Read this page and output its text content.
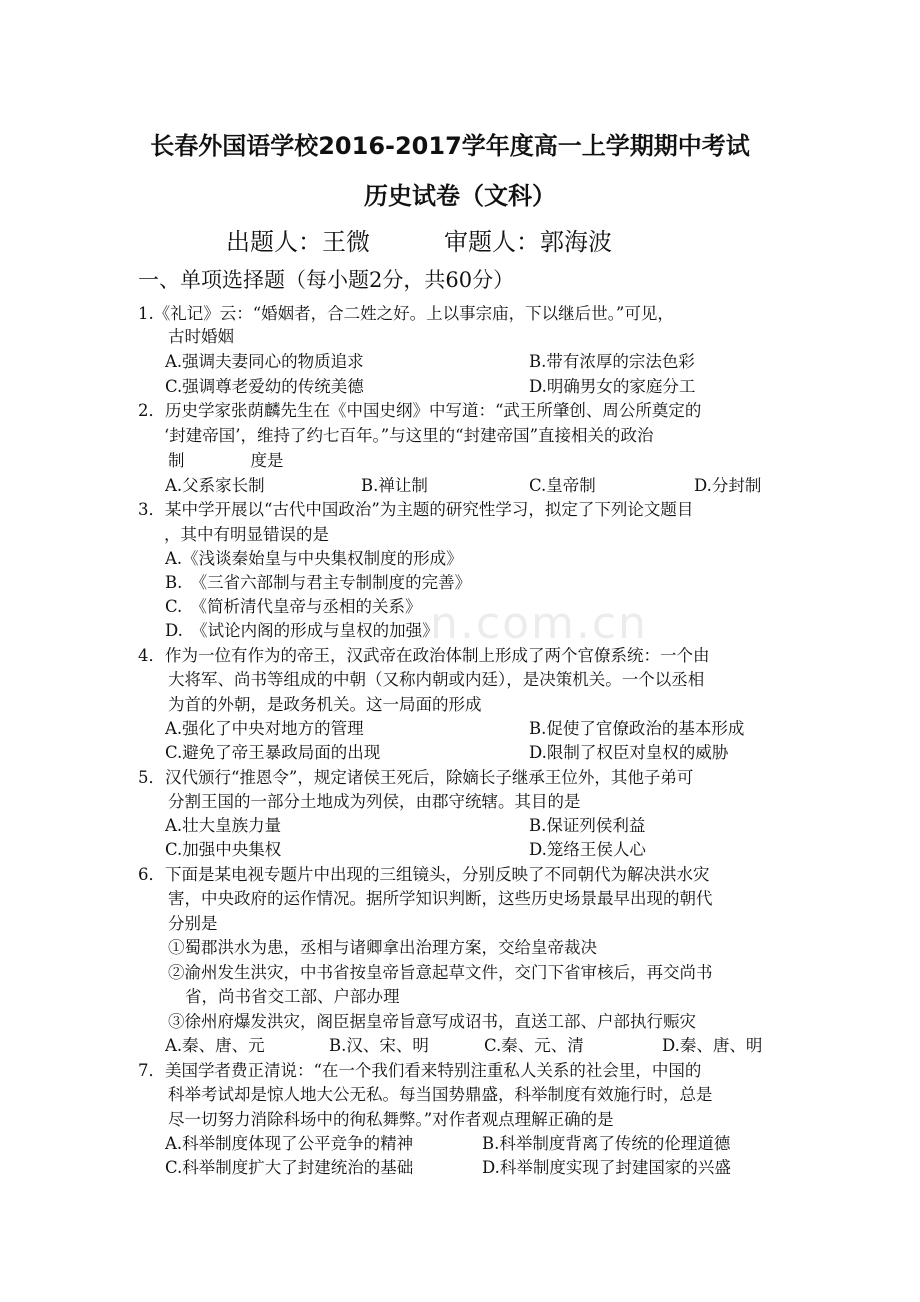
n.com.cn
长春外国语学校2016-2017学年度高一上学期期中考试
历史试卷（文科）
出题人：王微	审题人：郭海波
一、单项选择题（每小题2分，共60分）
1.《礼记》云：“婚姻者，合二姓之好。上以事宗庙，下以继后世。”可见，
古时婚姻
A.强调夫妻同心的物质追求	B.带有浓厚的宗法色彩
C.强调尊老爱幼的传统美德	D.明确男女的家庭分工
2．历史学家张荫麟先生在《中国史纲》中写道：“武王所肇创、周公所奠定的
‘封建帝国’，维持了约七百年。”与这里的“封建帝国”直接相关的政治
制　　　　度是
A.父系家长制	B.禅让制	C.皇帝制	D.分封制
3．某中学开展以“古代中国政治”为主题的研究性学习，拟定了下列论文题目
，其中有明显错误的是
A.《浅谈秦始皇与中央集权制度的形成》
B.　《三省六部制与君主专制制度的完善》
C.　《简析清代皇帝与丞相的关系》
D.　《试论内阁的形成与皇权的加强》
4．作为一位有作为的帝王，汉武帝在政治体制上形成了两个官僚系统：一个由
大将军、尚书等组成的中朝（又称内朝或内廷），是决策机关。一个以丞相
为首的外朝，是政务机关。这一局面的形成
A.强化了中央对地方的管理	B.促使了官僚政治的基本形成
C.避免了帝王暴政局面的出现	D.限制了权臣对皇权的威胁
5．汉代颁行“推恩令”，规定诸侯王死后，除嫡长子继承王位外，其他子弟可
分割王国的一部分土地成为列侯，由郡守统辖。其目的是
A.壮大皇族力量	B.保证列侯利益
C.加强中央集权	D.笼络王侯人心
6．下面是某电视专题片中出现的三组镜头，分别反映了不同朝代为解决洪水灾
害，中央政府的运作情况。据所学知识判断，这些历史场景最早出现的朝代
分别是
①蜀郡洪水为患，丞相与诸卿拿出治理方案，交给皇帝裁决
②渝州发生洪灾，中书省按皇帝旨意起草文件，交门下省审核后，再交尚书
省，尚书省交工部、户部办理
③徐州府爆发洪灾，阁臣据皇帝旨意写成诏书，直送工部、户部执行赈灾
A.秦、唐、元	B.汉、宋、明	C.秦、元、清	D.秦、唐、明
7．美国学者费正清说：“在一个我们看来特别注重私人关系的社会里，中国的
科举考试却是惊人地大公无私。每当国势鼎盛，科举制度有效施行时，总是
尽一切努力消除科场中的徇私舞弊。”对作者观点理解正确的是
A.科举制度体现了公平竞争的精神	B.科举制度背离了传统的伦理道德
C.科举制度扩大了封建统治的基础	D.科举制度实现了封建国家的兴盛
